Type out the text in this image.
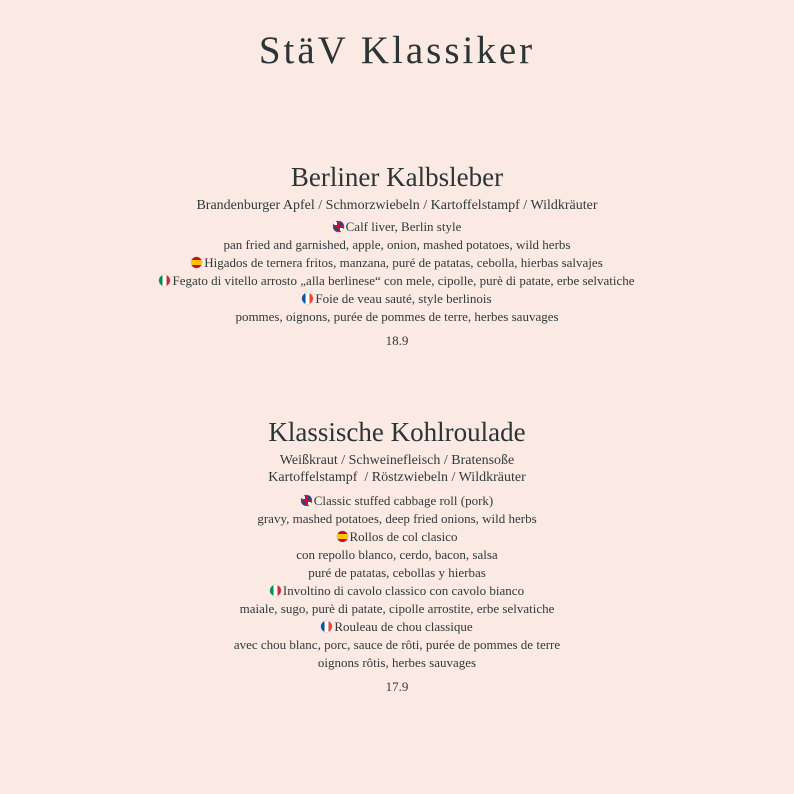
StäV Klassiker
Berliner Kalbsleber
Brandenburger Apfel / Schmorzwiebeln / Kartoffelstampf / Wildkräuter
Calf liver, Berlin style
pan fried and garnished, apple, onion, mashed potatoes, wild herbs
Higados de ternera fritos, manzana, puré de patatas, cebolla, hierbas salvajes
Fegato di vitello arrosto „alla berlinese“ con mele, cipolle, purè di patate, erbe selvatiche
Foie de veau sauté, style berlinois
pommes, oignons, purée de pommes de terre, herbes sauvages
18.9
Klassische Kohlroulade
Weißkraut / Schweinefleisch / Bratensoße
Kartoffelstampf  / Röstzwiebeln / Wildkräuter
Classic stuffed cabbage roll (pork)
gravy, mashed potatoes, deep fried onions, wild herbs
Rollos de col clasico
con repollo blanco, cerdo, bacon, salsa
puré de patatas, cebollas y hierbas
Involtino di cavolo classico con cavolo bianco
maiale, sugo, purè di patate, cipolle arrostite, erbe selvatiche
Rouleau de chou classique
avec chou blanc, porc, sauce de rôti, purée de pommes de terre
oignons rôtis, herbes sauvages
17.9
